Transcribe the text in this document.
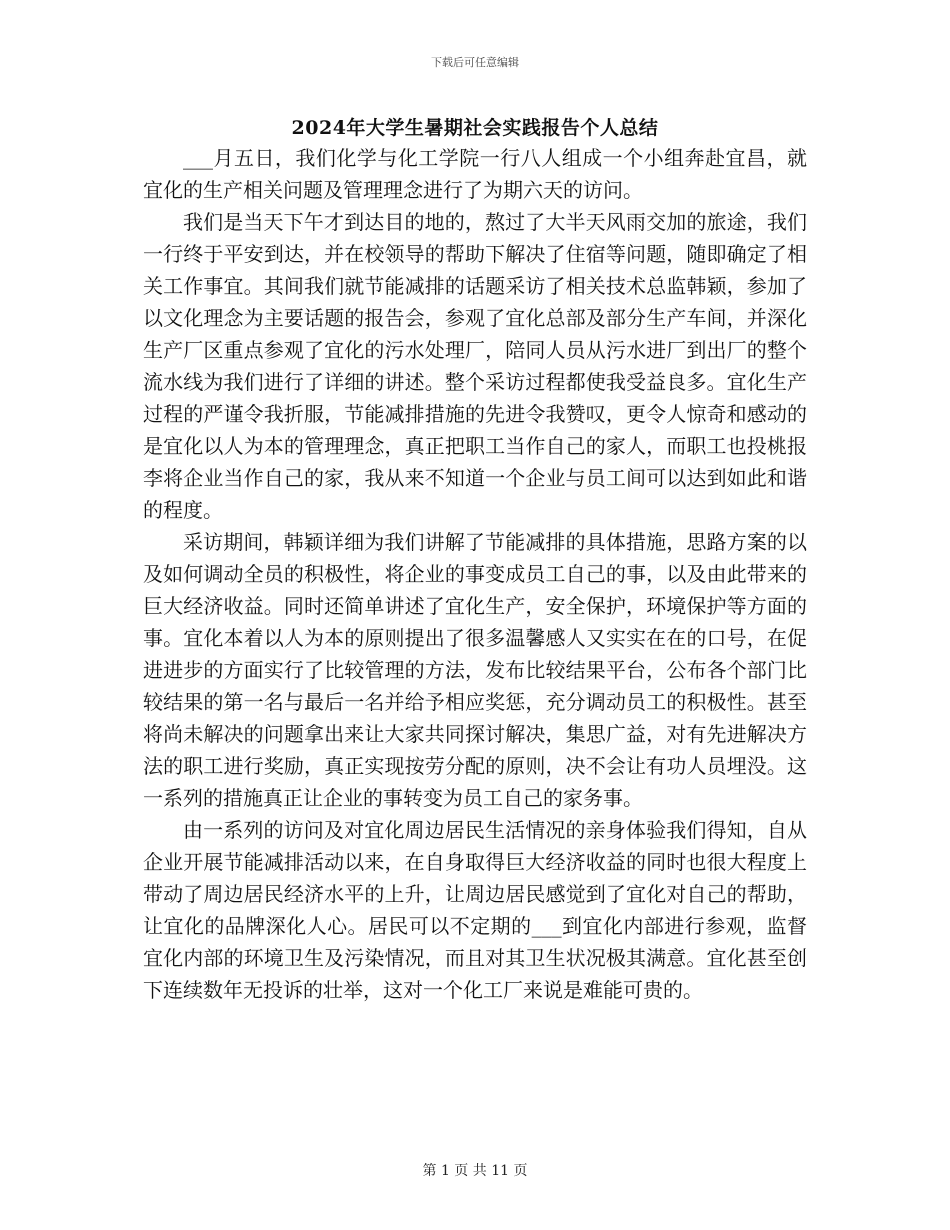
下载后可任意编辑
2024年大学生暑期社会实践报告个人总结

___月五日，我们化学与化工学院一行八人组成一个小组奔赴宜昌，就宜化的生产相关问题及管理理念进行了为期六天的访问。

我们是当天下午才到达目的地的，熬过了大半天风雨交加的旅途，我们一行终于平安到达，并在校领导的帮助下解决了住宿等问题，随即确定了相关工作事宜。其间我们就节能减排的话题采访了相关技术总监韩颖，参加了以文化理念为主要话题的报告会，参观了宜化总部及部分生产车间，并深化生产厂区重点参观了宜化的污水处理厂，陪同人员从污水进厂到出厂的整个流水线为我们进行了详细的讲述。整个采访过程都使我受益良多。宜化生产过程的严谨令我折服，节能减排措施的先进令我赞叹，更令人惊奇和感动的是宜化以人为本的管理理念，真正把职工当作自己的家人，而职工也投桃报李将企业当作自己的家，我从来不知道一个企业与员工间可以达到如此和谐的程度。

采访期间，韩颖详细为我们讲解了节能减排的具体措施，思路方案的以及如何调动全员的积极性，将企业的事变成员工自己的事，以及由此带来的巨大经济收益。同时还简单讲述了宜化生产，安全保护，环境保护等方面的事。宜化本着以人为本的原则提出了很多温馨感人又实实在在的口号，在促进进步的方面实行了比较管理的方法，发布比较结果平台，公布各个部门比较结果的第一名与最后一名并给予相应奖惩，充分调动员工的积极性。甚至将尚未解决的问题拿出来让大家共同探讨解决，集思广益，对有先进解决方法的职工进行奖励，真正实现按劳分配的原则，决不会让有功人员埋没。这一系列的措施真正让企业的事转变为员工自己的家务事。

由一系列的访问及对宜化周边居民生活情况的亲身体验我们得知，自从企业开展节能减排活动以来，在自身取得巨大经济收益的同时也很大程度上带动了周边居民经济水平的上升，让周边居民感觉到了宜化对自己的帮助，让宜化的品牌深化人心。居民可以不定期的___到宜化内部进行参观，监督宜化内部的环境卫生及污染情况，而且对其卫生状况极其满意。宜化甚至创下连续数年无投诉的壮举，这对一个化工厂来说是难能可贵的。

第 1 页 共 11 页
